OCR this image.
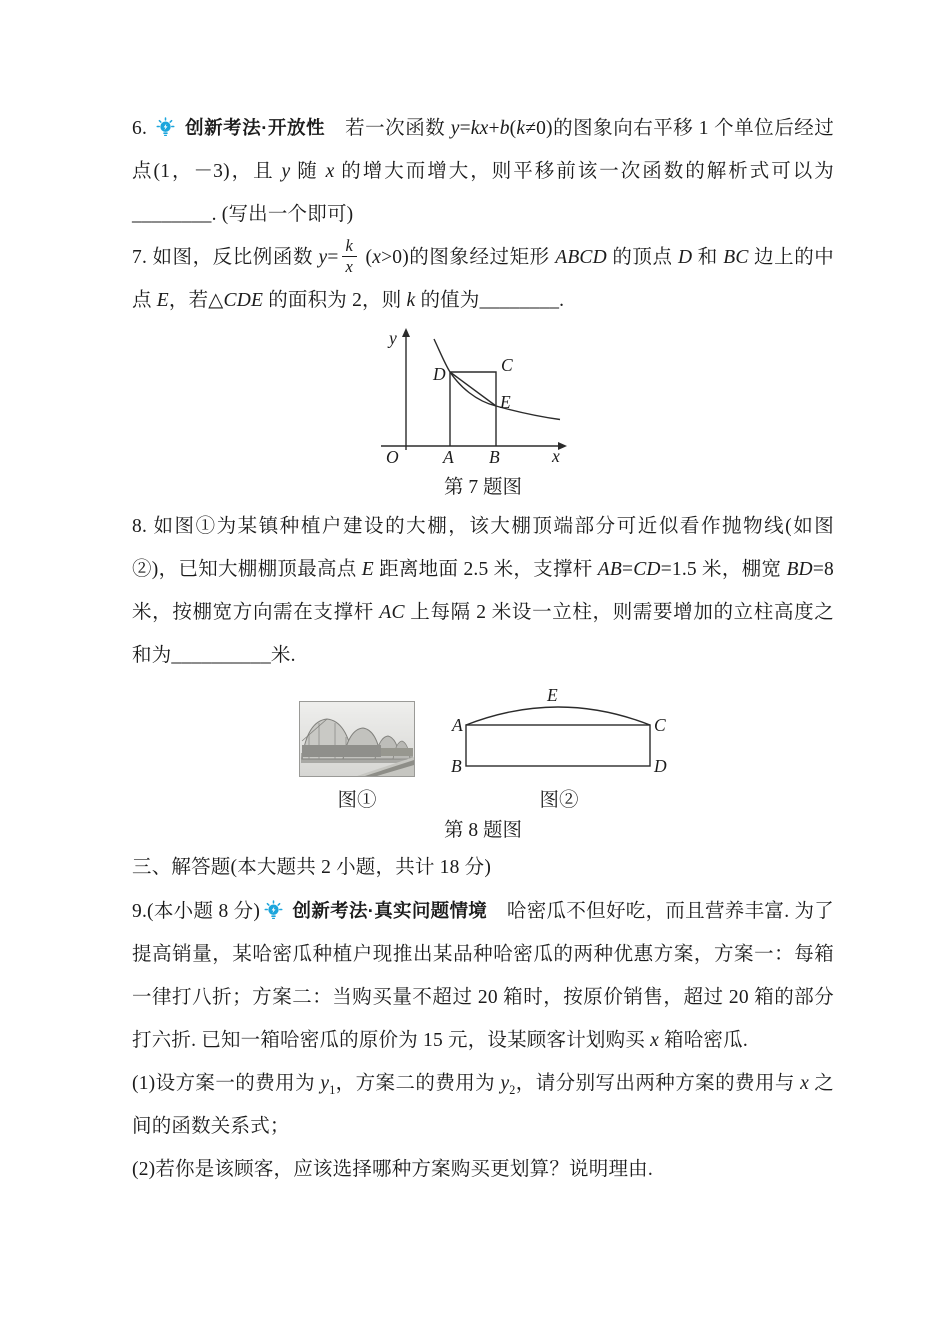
6.
创新考法·开放性　若一次函数 y=kx+b(k≠0)的图象向右平移 1 个单位后经过点(1，－3)，且 y 随 x 的增大而增大，则平移前该一次函数的解析式可以为________. (写出一个即可)

7. 如图，反比例函数 $y= \frac{k}{x} (x>0)$的图象经过矩形 ABCD 的顶点 D 和 BC 边上的中点 E，若△CDE 的面积为 2，则 k 的值为________.

y
x
O	A B
C
D
E
第 7 题图

8. 如图①为某镇种植户建设的大棚，该大棚顶端部分可近似看作抛物线(如图②)，已知大棚棚顶最高点 E 距离地面 2.5 米，支撑杆 AB=CD=1.5 米，棚宽 BD=8 米，按棚宽方向需在支撑杆 AC 上每隔 2 米设一立柱，则需要增加的立柱高度之和为__________米.

图①
E
A	C
B	D
图②
第 8 题图

三、解答题(本大题共 2 小题，共计 18 分)

9.(本小题 8 分)
创新考法·真实问题情境　哈密瓜不但好吃，而且营养丰富. 为了提高销量，某哈密瓜种植户现推出某品种哈密瓜的两种优惠方案，方案一：每箱一律打八折；方案二：当购买量不超过 20 箱时，按原价销售，超过 20 箱的部分打六折. 已知一箱哈密瓜的原价为 15 元，设某顾客计划购买 x 箱哈密瓜.

(1)设方案一的费用为 $y_1$，方案二的费用为 $y_2$，请分别写出两种方案的费用与 x 之间的函数关系式；

(2)若你是该顾客，应该选择哪种方案购买更划算？说明理由.
